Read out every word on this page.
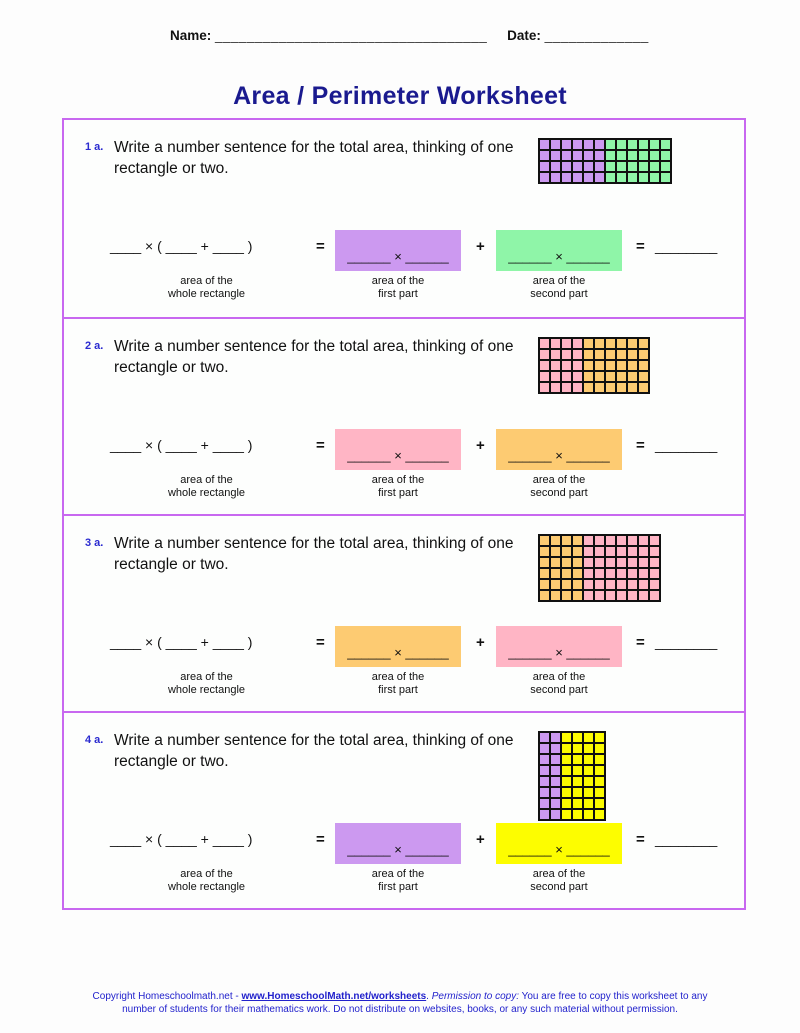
Name: __________________________________ Date: _____________
Area / Perimeter Worksheet
1 a. Write a number sentence for the total area, thinking of one rectangle or two.
____ × ( ____ + ____ )	=
______ × ______
+
______ × ______
= ________
area of the
whole rectangle
area of the
first part
area of the
second part
2 a. Write a number sentence for the total area, thinking of one rectangle or two.
____ × ( ____ + ____ )	=
______ × ______
+
______ × ______
= ________
area of the
whole rectangle
area of the
first part
area of the
second part
3 a. Write a number sentence for the total area, thinking of one rectangle or two.
____ × ( ____ + ____ )	=
______ × ______
+
______ × ______
= ________
area of the
whole rectangle
area of the
first part
area of the
second part
4 a. Write a number sentence for the total area, thinking of one rectangle or two.
____ × ( ____ + ____ )	=
______ × ______
+
______ × ______
= ________
area of the
whole rectangle
area of the
first part
area of the
second part
Copyright Homeschoolmath.net - www.HomeschoolMath.net/worksheets. Permission to copy: You are free to copy this worksheet to any
number of students for their mathematics work. Do not distribute on websites, books, or any such material without permission.
